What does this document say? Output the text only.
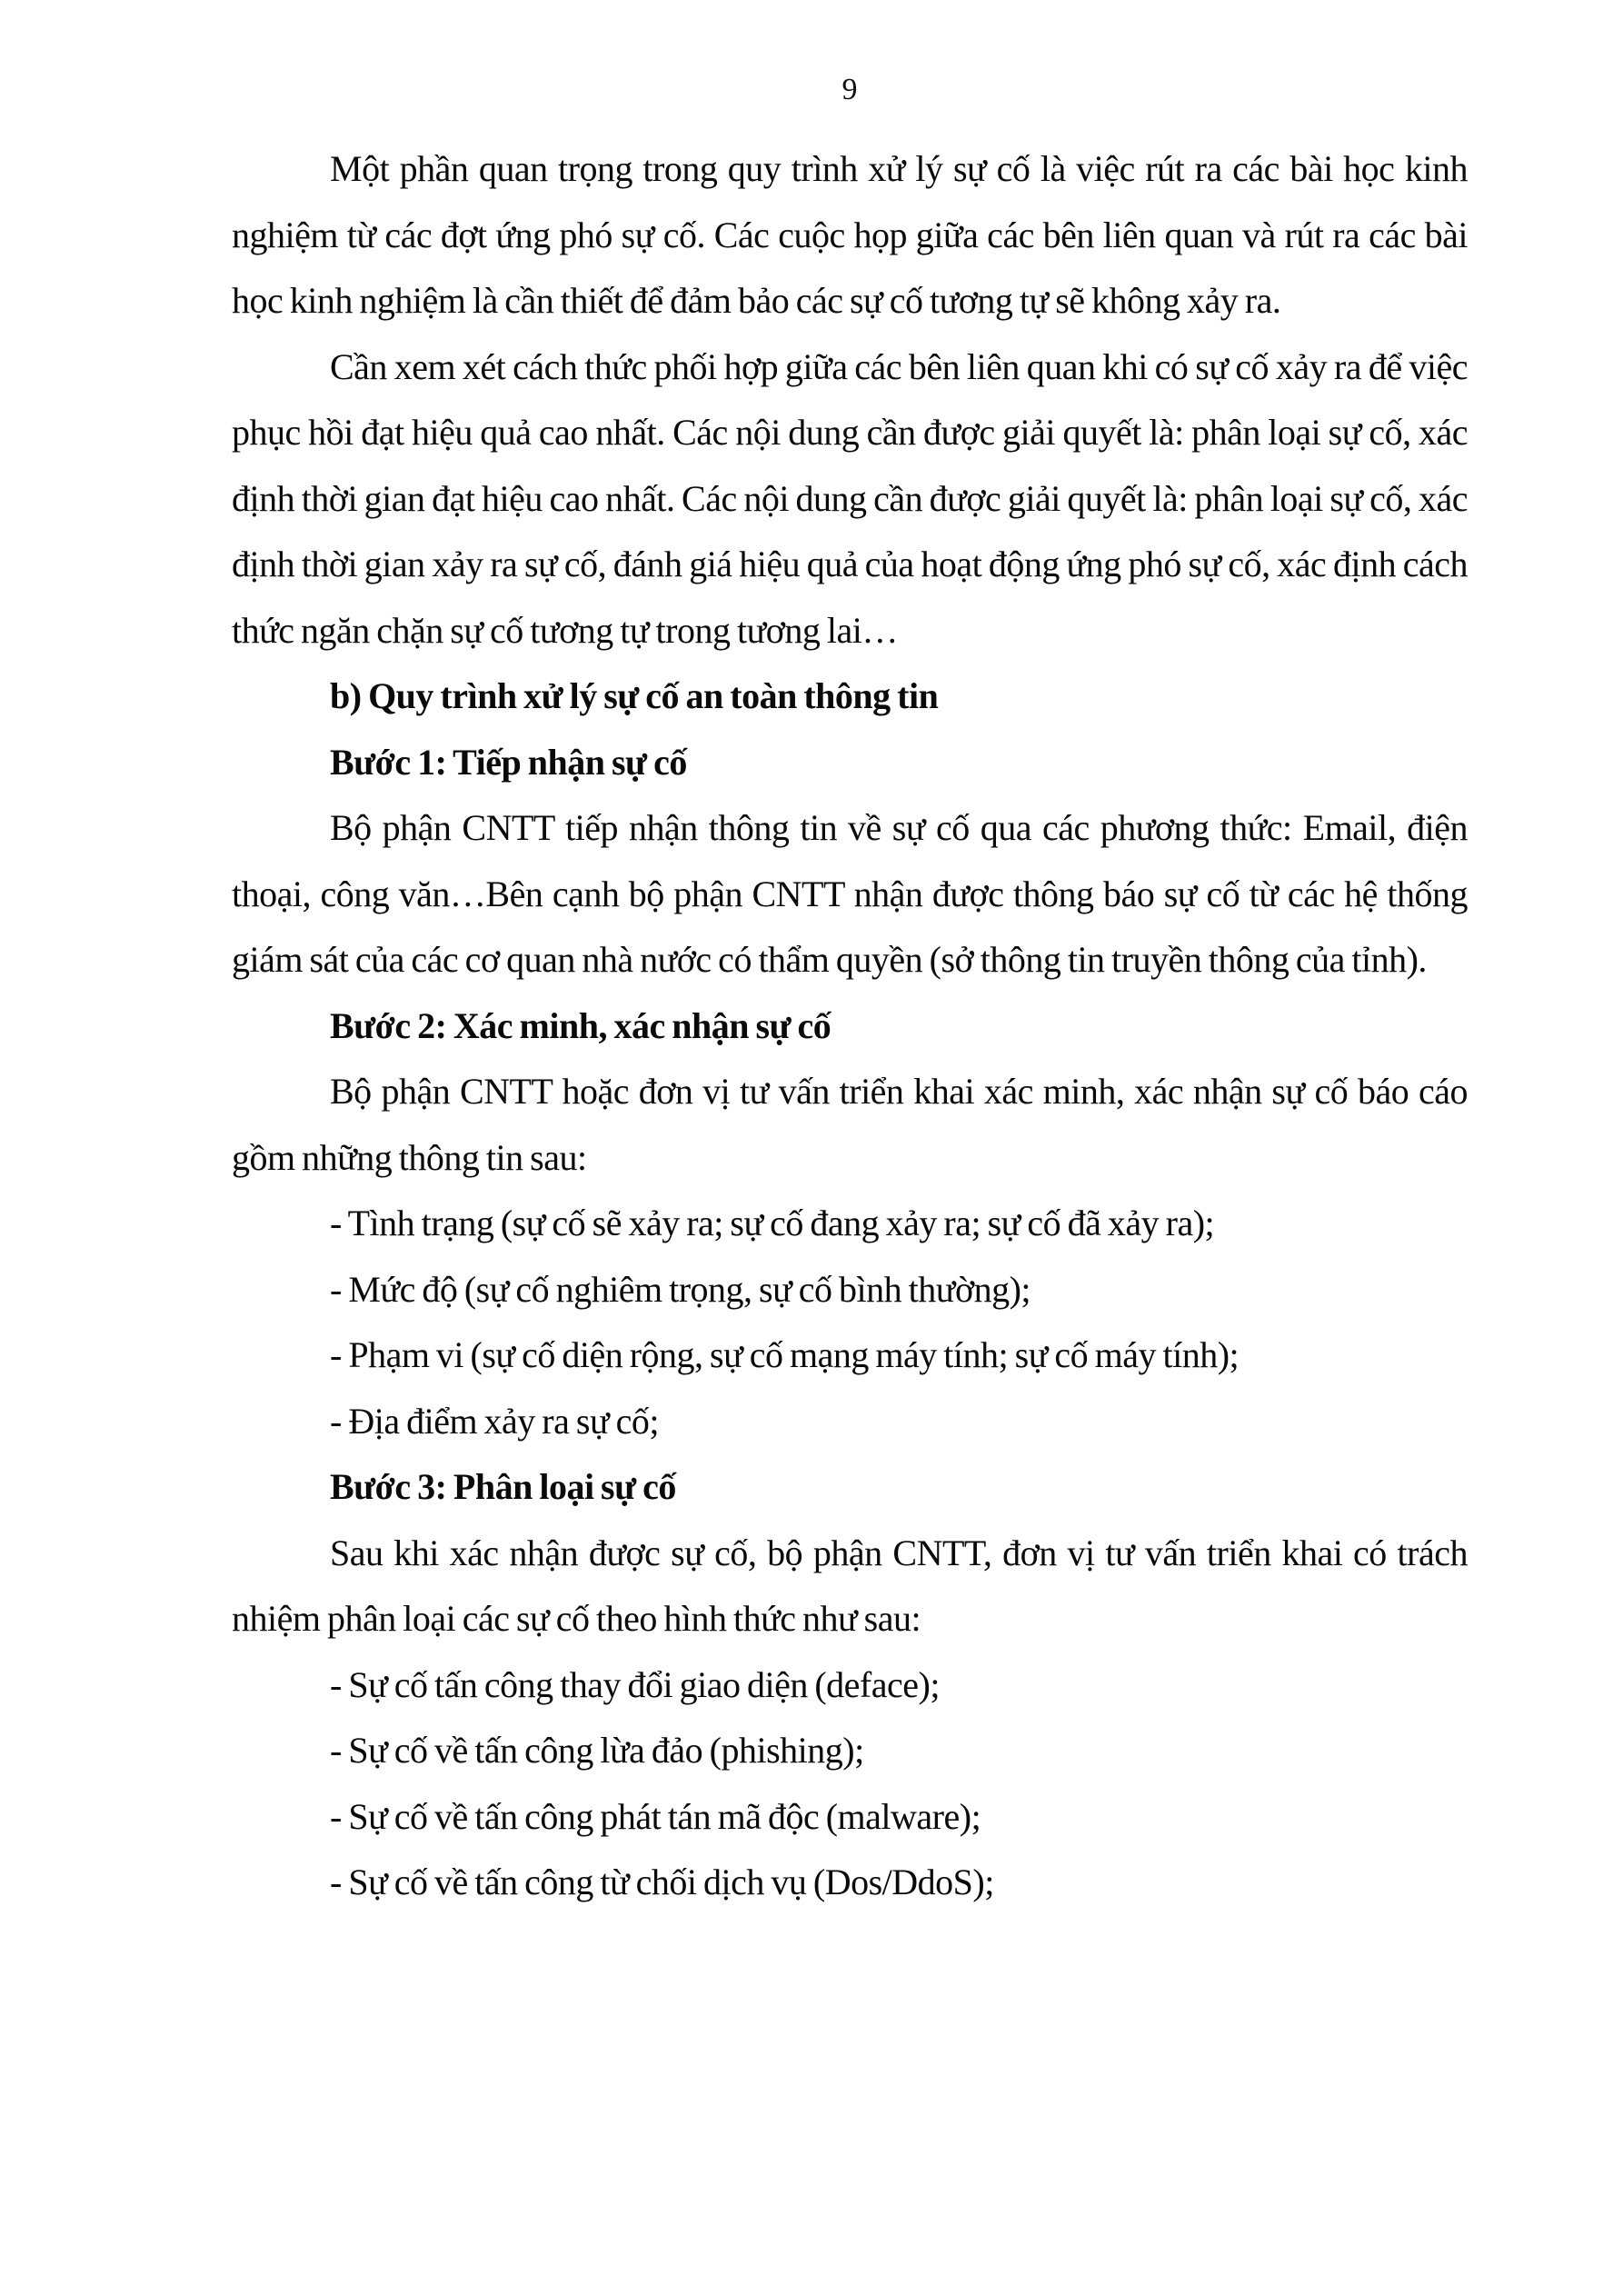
9

Một phần quan trọng trong quy trình xử lý sự cố là việc rút ra các bài học kinh nghiệm từ các đợt ứng phó sự cố. Các cuộc họp giữa các bên liên quan và rút ra các bài học kinh nghiệm là cần thiết để đảm bảo các sự cố tương tự sẽ không xảy ra.

Cần xem xét cách thức phối hợp giữa các bên liên quan khi có sự cố xảy ra để việc phục hồi đạt hiệu quả cao nhất. Các nội dung cần được giải quyết là: phân loại sự cố, xác định thời gian đạt hiệu cao nhất. Các nội dung cần được giải quyết là: phân loại sự cố, xác định thời gian xảy ra sự cố, đánh giá hiệu quả của hoạt động ứng phó sự cố, xác định cách thức ngăn chặn sự cố tương tự trong tương lai…

b) Quy trình xử lý sự cố an toàn thông tin

Bước 1: Tiếp nhận sự cố

Bộ phận CNTT tiếp nhận thông tin về sự cố qua các phương thức: Email, điện thoại, công văn…Bên cạnh bộ phận CNTT nhận được thông báo sự cố từ các hệ thống giám sát của các cơ quan nhà nước có thẩm quyền (sở thông tin truyền thông của tỉnh).

Bước 2: Xác minh, xác nhận sự cố

Bộ phận CNTT hoặc đơn vị tư vấn triển khai xác minh, xác nhận sự cố báo cáo gồm những thông tin sau:

- Tình trạng (sự cố sẽ xảy ra; sự cố đang xảy ra; sự cố đã xảy ra);

- Mức độ (sự cố nghiêm trọng, sự cố bình thường);

- Phạm vi (sự cố diện rộng, sự cố mạng máy tính; sự cố máy tính);

- Địa điểm xảy ra sự cố;

Bước 3: Phân loại sự cố

Sau khi xác nhận được sự cố, bộ phận CNTT, đơn vị tư vấn triển khai có trách nhiệm phân loại các sự cố theo hình thức như sau:

- Sự cố tấn công thay đổi giao diện (deface);

- Sự cố về tấn công lừa đảo (phishing);

- Sự cố về tấn công phát tán mã độc (malware);

- Sự cố về tấn công từ chối dịch vụ (Dos/DdoS);
